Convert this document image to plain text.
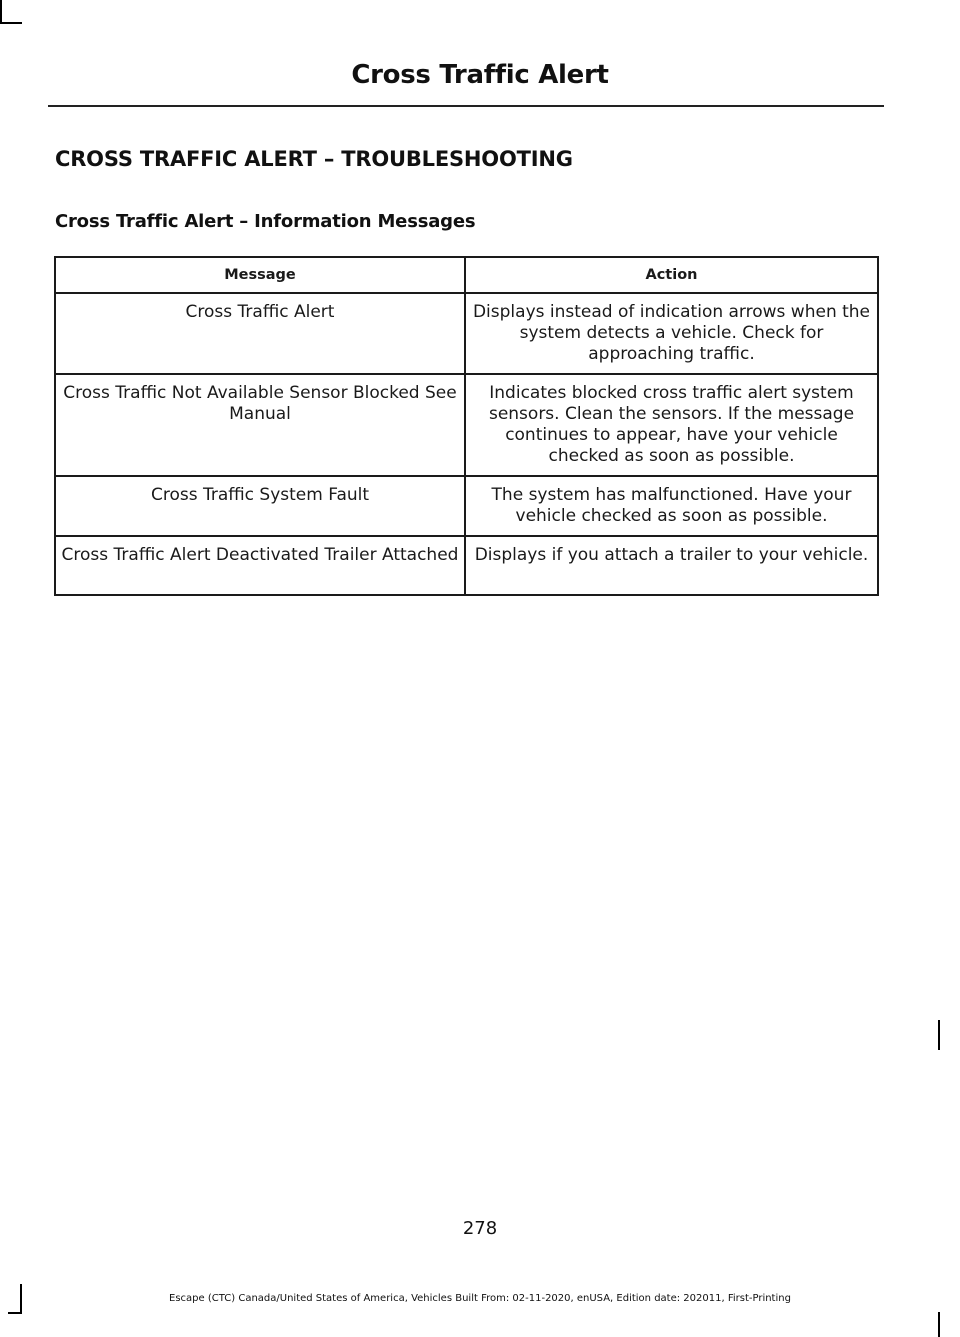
Cross Traffic Alert
CROSS TRAFFIC ALERT – TROUBLESHOOTING
Cross Traffic Alert – Information Messages
Message	Action
Cross Traffic Alert	Displays instead of indication arrows when the system detects a vehicle. Check for approaching traffic.
Cross Traffic Not Available Sensor Blocked See Manual	Indicates blocked cross traffic alert system sensors. Clean the sensors. If the message continues to appear, have your vehicle checked as soon as possible.
Cross Traffic System Fault	The system has malfunctioned. Have your vehicle checked as soon as possible.
Cross Traffic Alert Deactivated Trailer Attached	Displays if you attach a trailer to your vehicle.
278
Escape (CTC) Canada/United States of America, Vehicles Built From: 02-11-2020, enUSA, Edition date: 202011, First-Printing
